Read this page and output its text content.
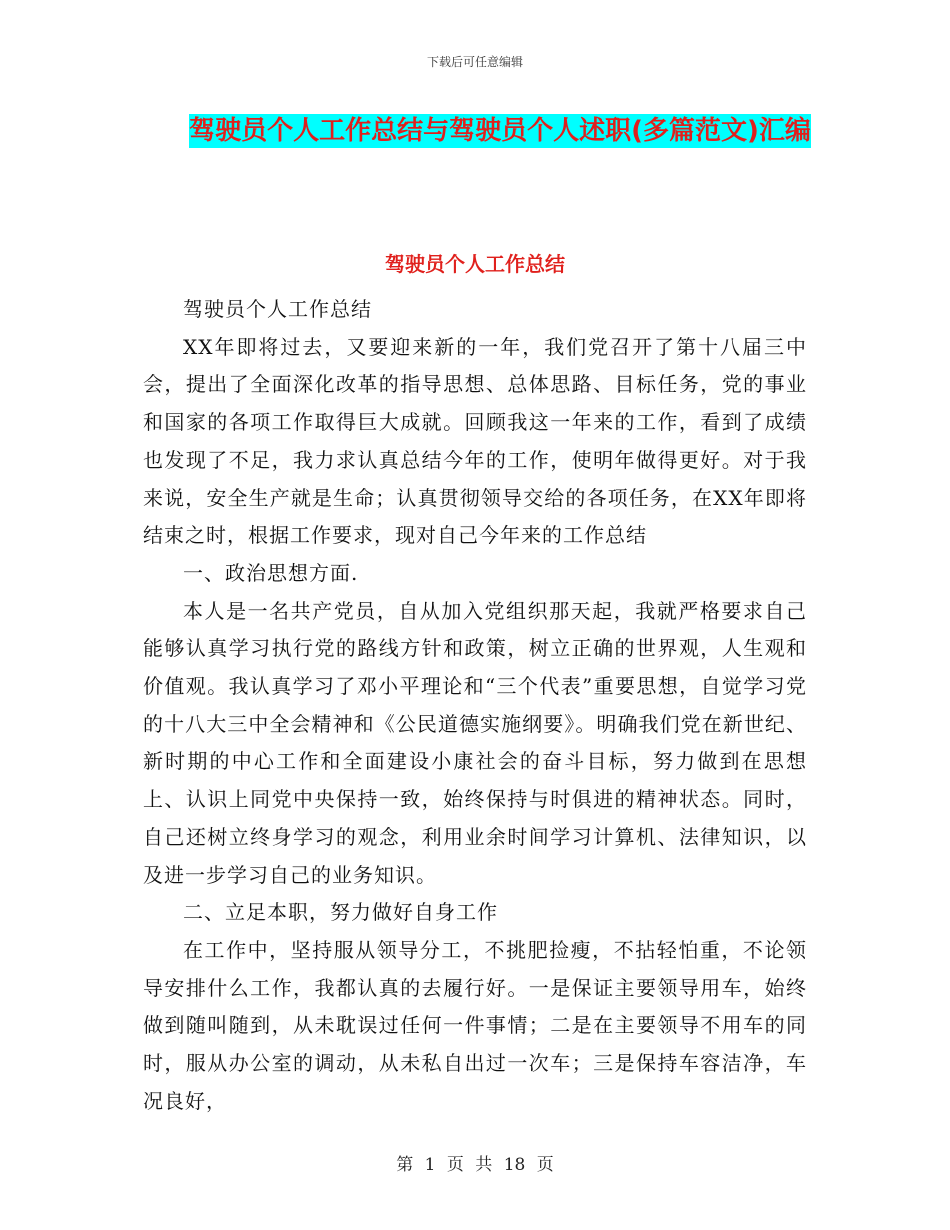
下载后可任意编辑
驾驶员个人工作总结与驾驶员个人述职(多篇范文)汇编
驾驶员个人工作总结

驾驶员个人工作总结

XX年即将过去，又要迎来新的一年，我们党召开了第十八届三中会，提出了全面深化改革的指导思想、总体思路、目标任务，党的事业和国家的各项工作取得巨大成就。回顾我这一年来的工作，看到了成绩也发现了不足，我力求认真总结今年的工作，使明年做得更好。对于我来说，安全生产就是生命；认真贯彻领导交给的各项任务，在XX年即将结束之时，根据工作要求，现对自己今年来的工作总结

一、政治思想方面.

本人是一名共产党员，自从加入党组织那天起，我就严格要求自己能够认真学习执行党的路线方针和政策，树立正确的世界观，人生观和价值观。我认真学习了邓小平理论和“三个代表”重要思想，自觉学习党的十八大三中全会精神和《公民道德实施纲要》。明确我们党在新世纪、新时期的中心工作和全面建设小康社会的奋斗目标，努力做到在思想上、认识上同党中央保持一致，始终保持与时俱进的精神状态。同时，自己还树立终身学习的观念，利用业余时间学习计算机、法律知识，以及进一步学习自己的业务知识。

二、立足本职，努力做好自身工作

在工作中，坚持服从领导分工，不挑肥捡瘦，不拈轻怕重，不论领导安排什么工作，我都认真的去履行好。一是保证主要领导用车，始终做到随叫随到，从未耽误过任何一件事情；二是在主要领导不用车的同时，服从办公室的调动，从未私自出过一次车；三是保持车容洁净，车况良好，

第 1 页 共 18 页
